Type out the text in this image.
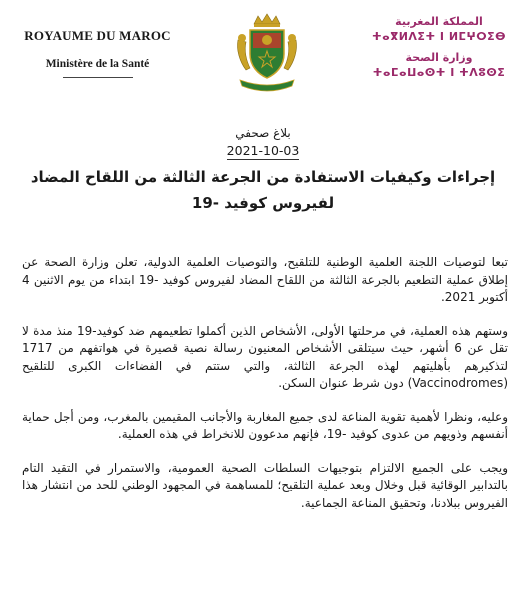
ROYAUME DU MAROC
Ministère de la Santé
المملكة المغربية
ⵜⴰⴳⵍⴷⵉⵜ ⵏ ⵍⵎⵖⵔⵉⴱ
وزارة الصحة
ⵜⴰⵎⴰⵡⴰⵙⵜ ⵏ ⵜⴷⵓⵙⵉ
بلاغ صحفي
2021-10-03
إجراءات وكيفيات الاستفادة من الجرعة الثالثة من اللقاح المضاد لفيروس كوفيد -19

تبعا لتوصيات اللجنة العلمية الوطنية للتلقيح، والتوصيات العلمية الدولية، تعلن وزارة الصحة عن إطلاق عملية التطعيم بالجرعة الثالثة من اللقاح المضاد لفيروس كوفيد -19 ابتداء من يوم الاثنين 4 أكتوبر 2021.

وستهم هذه العملية، في مرحلتها الأولى، الأشخاص الذين أكملوا تطعيمهم ضد كوفيد-19 منذ مدة لا تقل عن 6 أشهر، حيث سيتلقى الأشخاص المعنيون رسالة نصية قصيرة في هواتفهم من 1717 لتذكيرهم بأهليتهم لهذه الجرعة الثالثة، والتي ستتم في الفضاءات الكبرى للتلقيح (Vaccinodromes) دون شرط عنوان السكن.

وعليه، ونظرا لأهمية تقوية المناعة لدى جميع المغاربة والأجانب المقيمين بالمغرب، ومن أجل حماية أنفسهم وذويهم من عدوى كوفيد -19، فإنهم مدعوون للانخراط في هذه العملية.

ويجب على الجميع الالتزام بتوجيهات السلطات الصحية العمومية، والاستمرار في التقيد التام بالتدابير الوقائية قبل وخلال وبعد عملية التلقيح؛ للمساهمة في المجهود الوطني للحد من انتشار هذا الفيروس ببلادنا، وتحقيق المناعة الجماعية.
